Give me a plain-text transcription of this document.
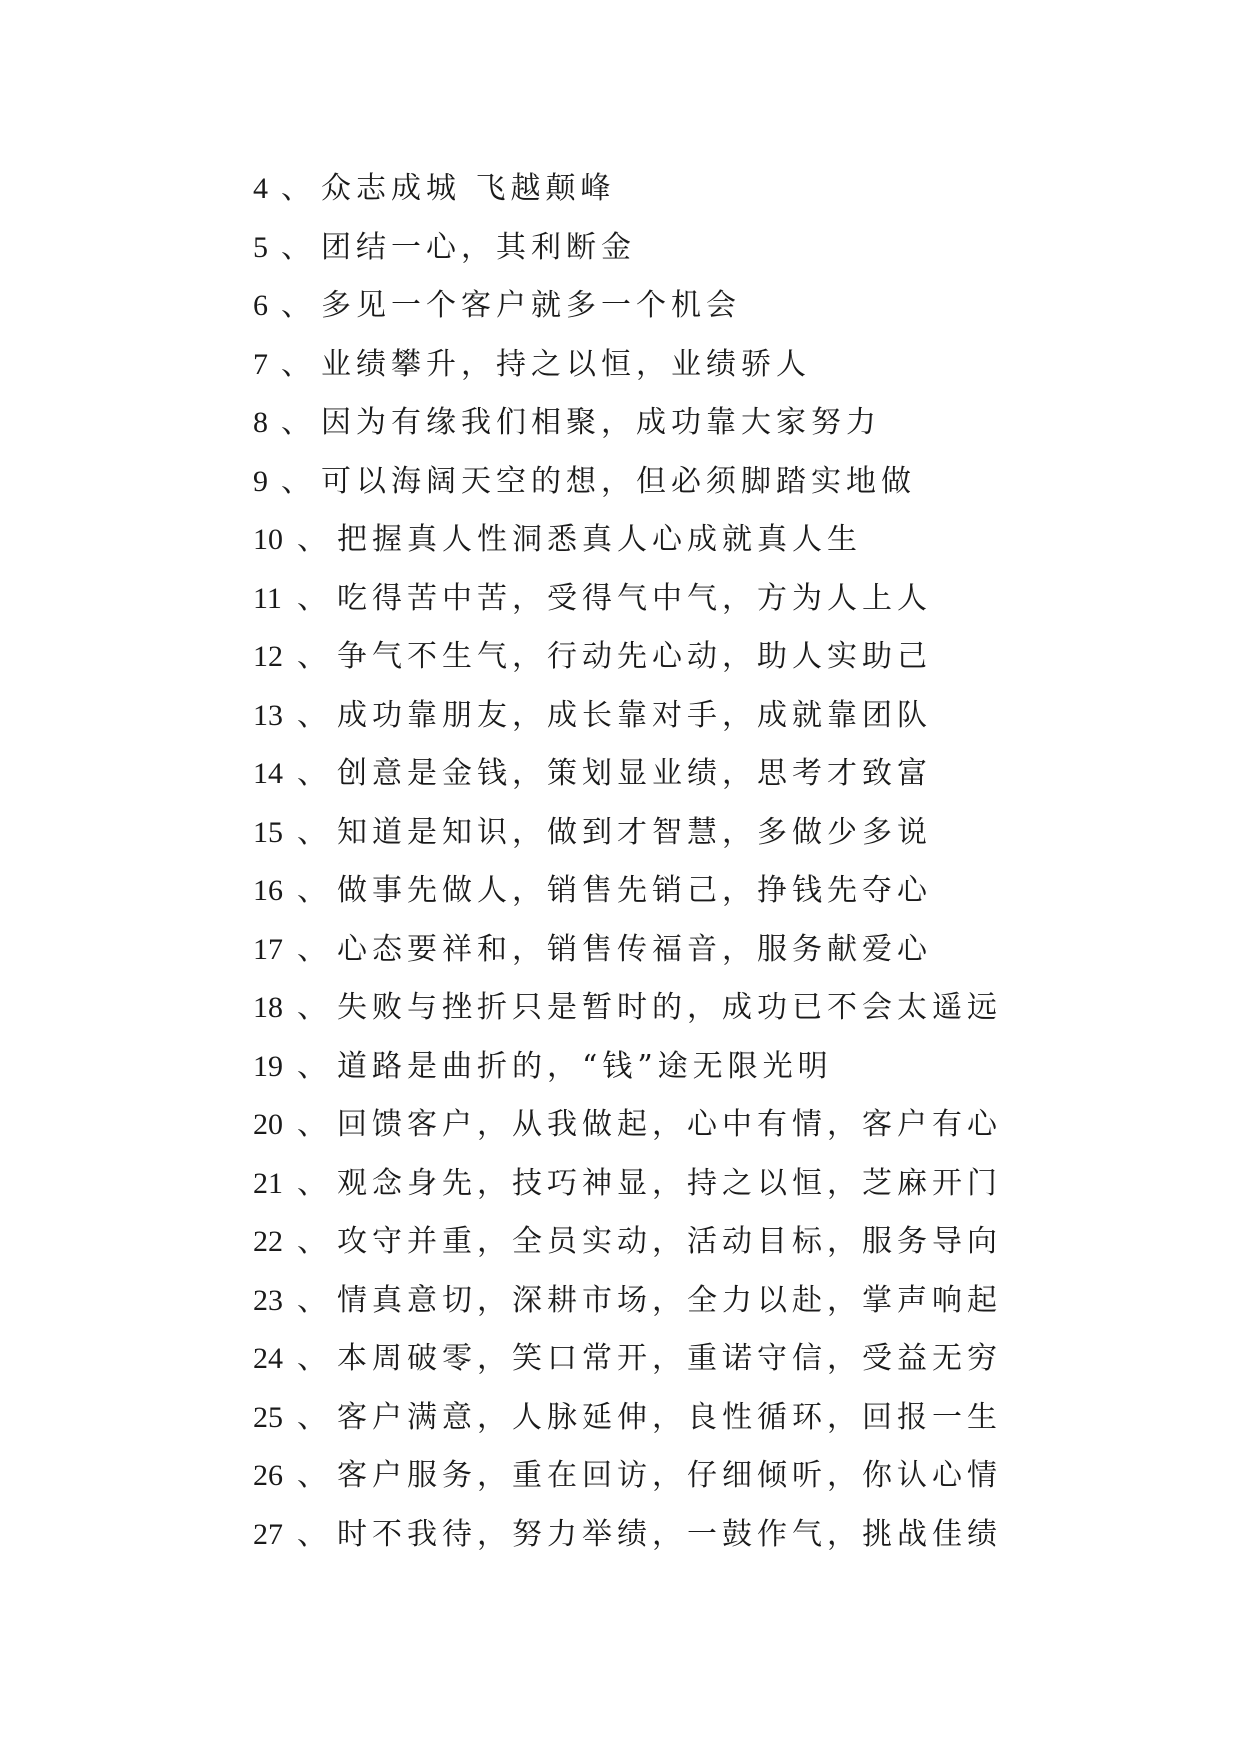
4 、 众志成城 飞越颠峰
5 、 团结一心，其利断金
6 、 多见一个客户就多一个机会
7 、 业绩攀升，持之以恒，业绩骄人
8 、 因为有缘我们相聚，成功靠大家努力
9 、 可以海阔天空的想，但必须脚踏实地做
10 、 把握真人性洞悉真人心成就真人生
11 、 吃得苦中苦，受得气中气，方为人上人
12 、 争气不生气，行动先心动，助人实助己
13 、 成功靠朋友，成长靠对手，成就靠团队
14 、 创意是金钱，策划显业绩，思考才致富
15 、 知道是知识，做到才智慧，多做少多说
16 、 做事先做人，销售先销己，挣钱先夺心
17 、 心态要祥和，销售传福音，服务献爱心
18 、 失败与挫折只是暂时的，成功已不会太遥远
19 、 道路是曲折的，“钱”途无限光明
20 、 回馈客户，从我做起，心中有情，客户有心
21 、 观念身先，技巧神显，持之以恒，芝麻开门
22 、 攻守并重，全员实动，活动目标，服务导向
23 、 情真意切，深耕市场，全力以赴，掌声响起
24 、 本周破零，笑口常开，重诺守信，受益无穷
25 、 客户满意，人脉延伸，良性循环，回报一生
26 、 客户服务，重在回访，仔细倾听，你认心情
27 、 时不我待，努力举绩，一鼓作气，挑战佳绩
